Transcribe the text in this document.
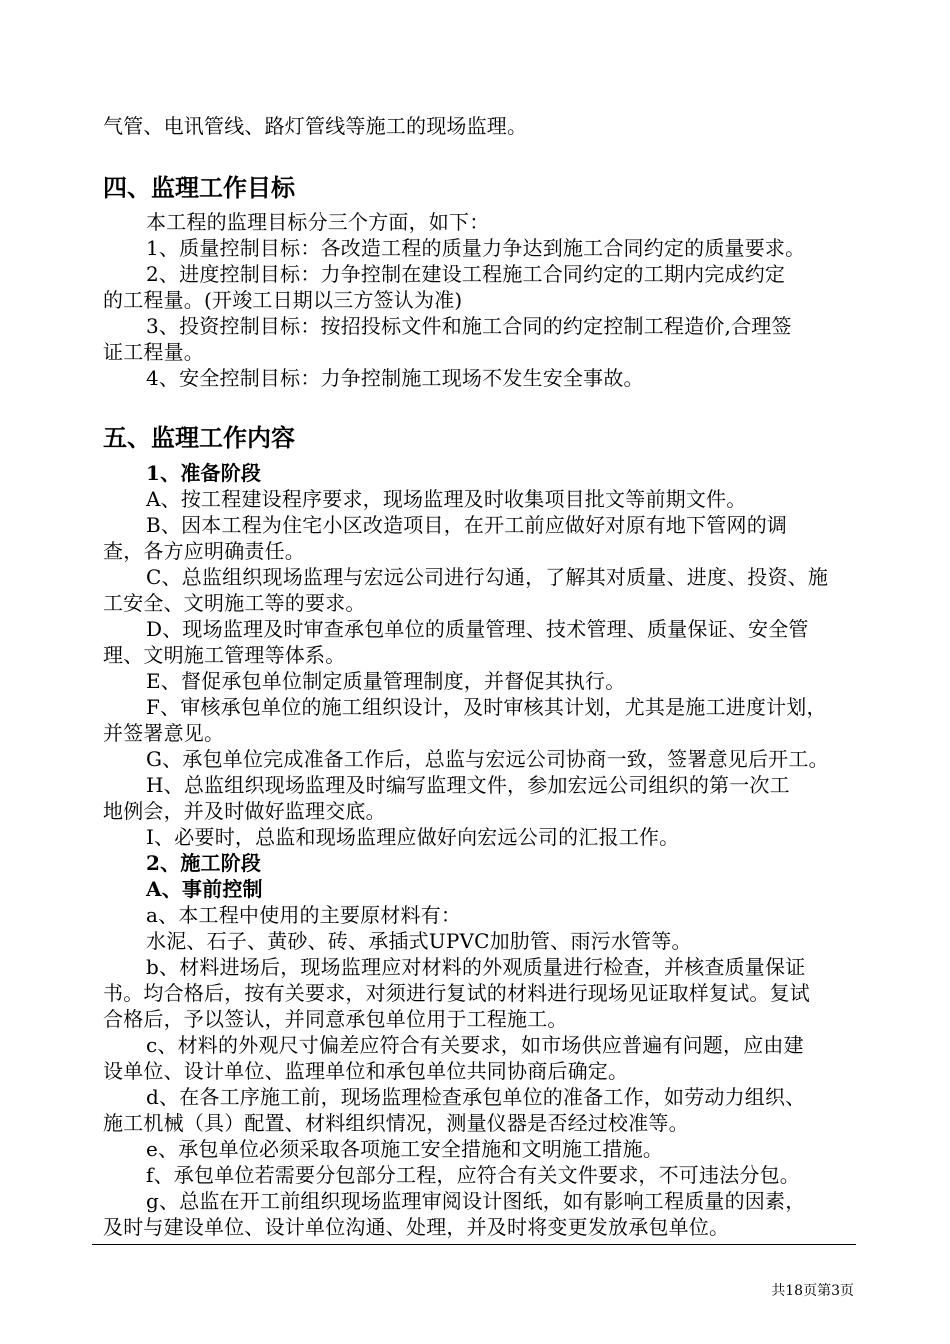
气管、电讯管线、路灯管线等施工的现场监理。
四、监理工作目标
本工程的监理目标分三个方面，如下：
1、质量控制目标：各改造工程的质量力争达到施工合同约定的质量要求。
2、进度控制目标：力争控制在建设工程施工合同约定的工期内完成约定
的工程量。(开竣工日期以三方签认为准)
3、投资控制目标：按招投标文件和施工合同的约定控制工程造价,合理签
证工程量。
4、安全控制目标：力争控制施工现场不发生安全事故。
五、监理工作内容
1、准备阶段
A、按工程建设程序要求，现场监理及时收集项目批文等前期文件。
B、因本工程为住宅小区改造项目，在开工前应做好对原有地下管网的调
查，各方应明确责任。
C、总监组织现场监理与宏远公司进行勾通，了解其对质量、进度、投资、施
工安全、文明施工等的要求。
D、现场监理及时审查承包单位的质量管理、技术管理、质量保证、安全管
理、文明施工管理等体系。
E、督促承包单位制定质量管理制度，并督促其执行。
F、审核承包单位的施工组织设计，及时审核其计划，尤其是施工进度计划，
并签署意见。
G、承包单位完成准备工作后，总监与宏远公司协商一致，签署意见后开工。
H、总监组织现场监理及时编写监理文件，参加宏远公司组织的第一次工
地例会，并及时做好监理交底。
I、必要时，总监和现场监理应做好向宏远公司的汇报工作。
2、施工阶段
A、事前控制
a、本工程中使用的主要原材料有：
水泥、石子、黄砂、砖、承插式UPVC加肋管、雨污水管等。
b、材料进场后，现场监理应对材料的外观质量进行检查，并核查质量保证
书。均合格后，按有关要求，对须进行复试的材料进行现场见证取样复试。复试
合格后，予以签认，并同意承包单位用于工程施工。
c、材料的外观尺寸偏差应符合有关要求，如市场供应普遍有问题，应由建
设单位、设计单位、监理单位和承包单位共同协商后确定。
d、在各工序施工前，现场监理检查承包单位的准备工作，如劳动力组织、
施工机械（具）配置、材料组织情况，测量仪器是否经过校准等。
e、承包单位必须采取各项施工安全措施和文明施工措施。
f、承包单位若需要分包部分工程，应符合有关文件要求，不可违法分包。
g、总监在开工前组织现场监理审阅设计图纸，如有影响工程质量的因素，
及时与建设单位、设计单位沟通、处理，并及时将变更发放承包单位。
共18页第3页
